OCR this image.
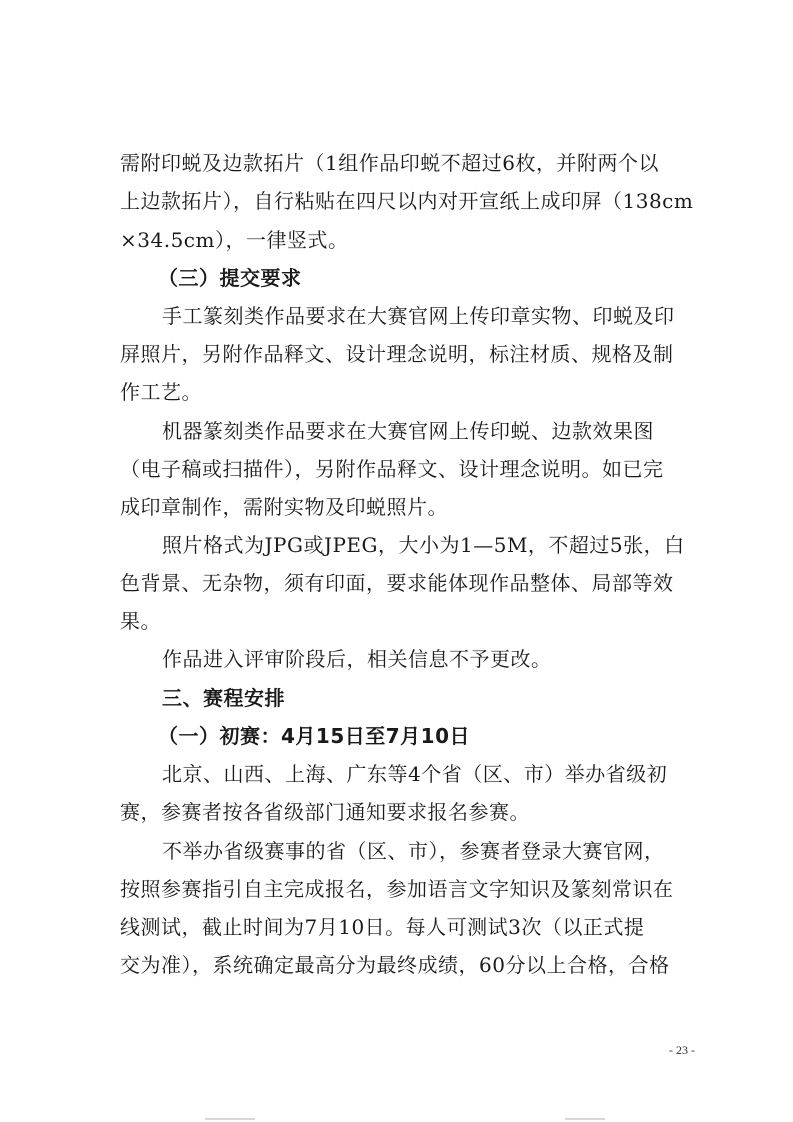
需附印蜕及边款拓片（1组作品印蜕不超过6枚，并附两个以
上边款拓片），自行粘贴在四尺以内对开宣纸上成印屏（138cm
×34.5cm），一律竖式。
（三）提交要求
手工篆刻类作品要求在大赛官网上传印章实物、印蜕及印
屏照片，另附作品释文、设计理念说明，标注材质、规格及制
作工艺。
机器篆刻类作品要求在大赛官网上传印蜕、边款效果图
（电子稿或扫描件），另附作品释文、设计理念说明。如已完
成印章制作，需附实物及印蜕照片。
照片格式为JPG或JPEG，大小为1—5M，不超过5张，白
色背景、无杂物，须有印面，要求能体现作品整体、局部等效
果。
作品进入评审阶段后，相关信息不予更改。
三、赛程安排
（一）初赛：4月15日至7月10日
北京、山西、上海、广东等4个省（区、市）举办省级初
赛，参赛者按各省级部门通知要求报名参赛。
不举办省级赛事的省（区、市），参赛者登录大赛官网，
按照参赛指引自主完成报名，参加语言文字知识及篆刻常识在
线测试，截止时间为7月10日。每人可测试3次（以正式提
交为准），系统确定最高分为最终成绩，60分以上合格，合格
- 23 -
